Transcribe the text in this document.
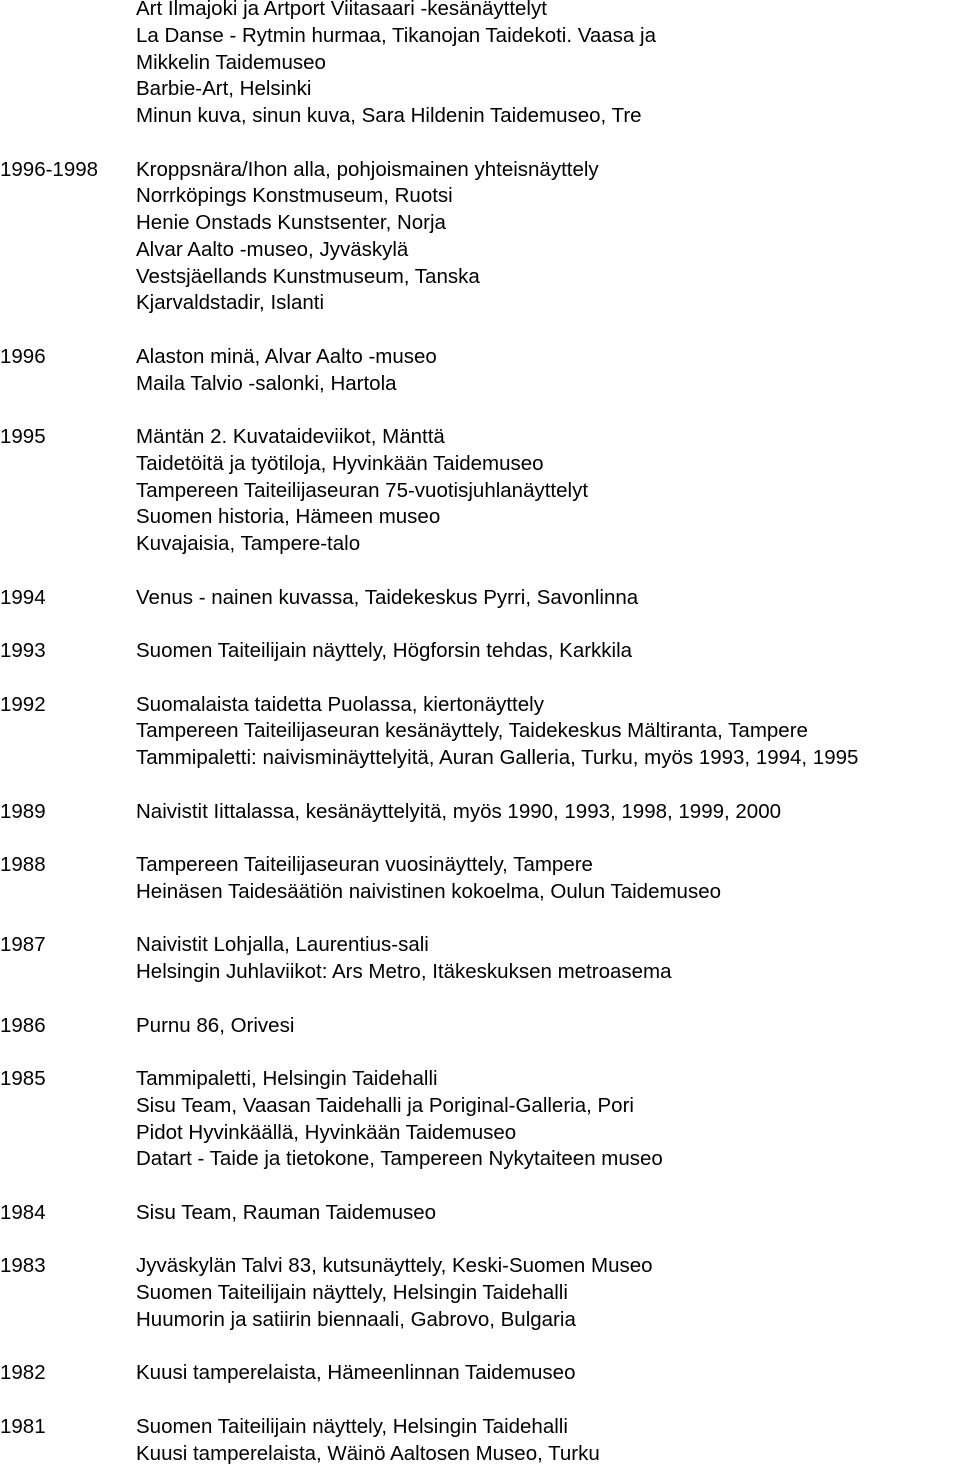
Art Ilmajoki ja Artport Viitasaari -kesänäyttelyt
La Danse - Rytmin hurmaa, Tikanojan Taidekoti. Vaasa ja
Mikkelin Taidemuseo
Barbie-Art, Helsinki
Minun kuva, sinun kuva, Sara Hildenin Taidemuseo, Tre
1996-1998 Kroppsnära/Ihon alla, pohjoismainen yhteisnäyttely
Norrköpings Konstmuseum, Ruotsi
Henie Onstads Kunstsenter, Norja
Alvar Aalto -museo, Jyväskylä
Vestsjäellands Kunstmuseum, Tanska
Kjarvaldstadir, Islanti
1996	Alaston minä, Alvar Aalto -museo
Maila Talvio -salonki, Hartola
1995	Mäntän 2. Kuvataideviikot, Mänttä
Taidetöitä ja työtiloja, Hyvinkään Taidemuseo
Tampereen Taiteilijaseuran 75-vuotisjuhlanäyttelyt
Suomen historia, Hämeen museo
Kuvajaisia, Tampere-talo
1994	Venus - nainen kuvassa, Taidekeskus Pyrri, Savonlinna
1993	Suomen Taiteilijain näyttely, Högforsin tehdas, Karkkila
1992	Suomalaista taidetta Puolassa, kiertonäyttely
Tampereen Taiteilijaseuran kesänäyttely, Taidekeskus Mältiranta, Tampere
Tammipaletti: naivisminäyttelyitä, Auran Galleria, Turku, myös 1993, 1994, 1995
1989	Naivistit Iittalassa, kesänäyttelyitä, myös 1990, 1993, 1998, 1999, 2000
1988	Tampereen Taiteilijaseuran vuosinäyttely, Tampere
Heinäsen Taidesäätiön naivistinen kokoelma, Oulun Taidemuseo
1987	Naivistit Lohjalla, Laurentius-sali
Helsingin Juhlaviikot: Ars Metro, Itäkeskuksen metroasema
1986	Purnu 86, Orivesi
1985	Tammipaletti, Helsingin Taidehalli
Sisu Team, Vaasan Taidehalli ja Poriginal-Galleria, Pori
Pidot Hyvinkäällä, Hyvinkään Taidemuseo
Datart - Taide ja tietokone, Tampereen Nykytaiteen museo
1984	Sisu Team, Rauman Taidemuseo
1983	Jyväskylän Talvi 83, kutsunäyttely, Keski-Suomen Museo
Suomen Taiteilijain näyttely, Helsingin Taidehalli
Huumorin ja satiirin biennaali, Gabrovo, Bulgaria
1982	Kuusi tamperelaista, Hämeenlinnan Taidemuseo
1981	Suomen Taiteilijain näyttely, Helsingin Taidehalli
Kuusi tamperelaista, Wäinö Aaltosen Museo, Turku
